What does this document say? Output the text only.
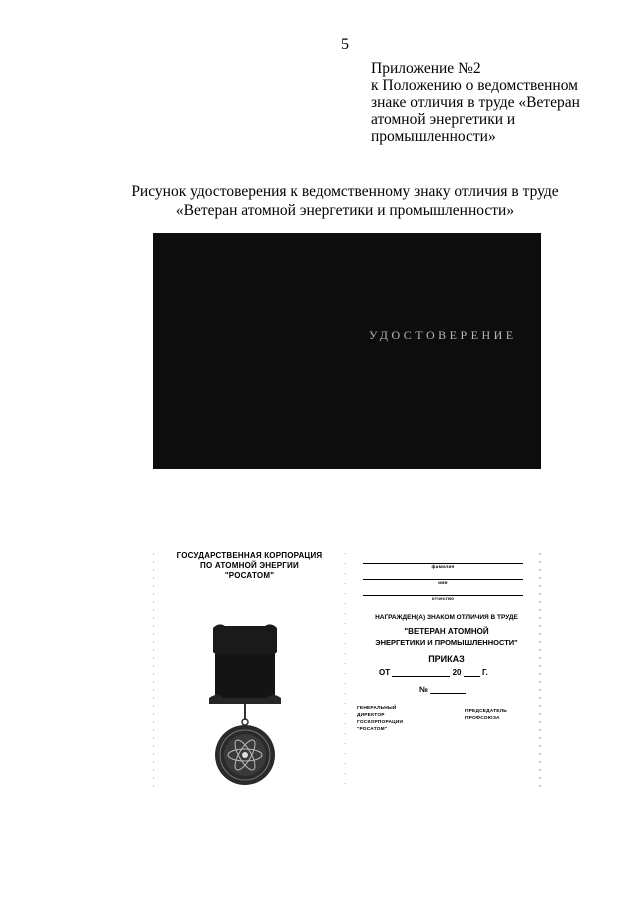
5
Приложение №2
к Положению о ведомственном
знаке отличия в труде «Ветеран
атомной энергетики и
промышленности»
Рисунок удостоверения к ведомственному знаку отличия в труде
«Ветеран атомной энергетики и промышленности»
УДОСТОВЕРЕНИЕ
ГОСУДАРСТВЕННАЯ КОРПОРАЦИЯ
ПО АТОМНОЙ ЭНЕРГИИ
"РОСАТОМ"
фамилия
имя
отчество
НАГРАЖДЕН(А) ЗНАКОМ ОТЛИЧИЯ В ТРУДЕ
"ВЕТЕРАН АТОМНОЙ
ЭНЕРГЕТИКИ И ПРОМЫШЛЕННОСТИ"
ПРИКАЗ
ОТ	20	Г.
№
ГЕНЕРАЛЬНЫЙ
ДИРЕКТОР
ГОСКОРПОРАЦИИ
"РОСАТОМ"
ПРЕДСЕДАТЕЛЬ
ПРОФСОЮЗА
